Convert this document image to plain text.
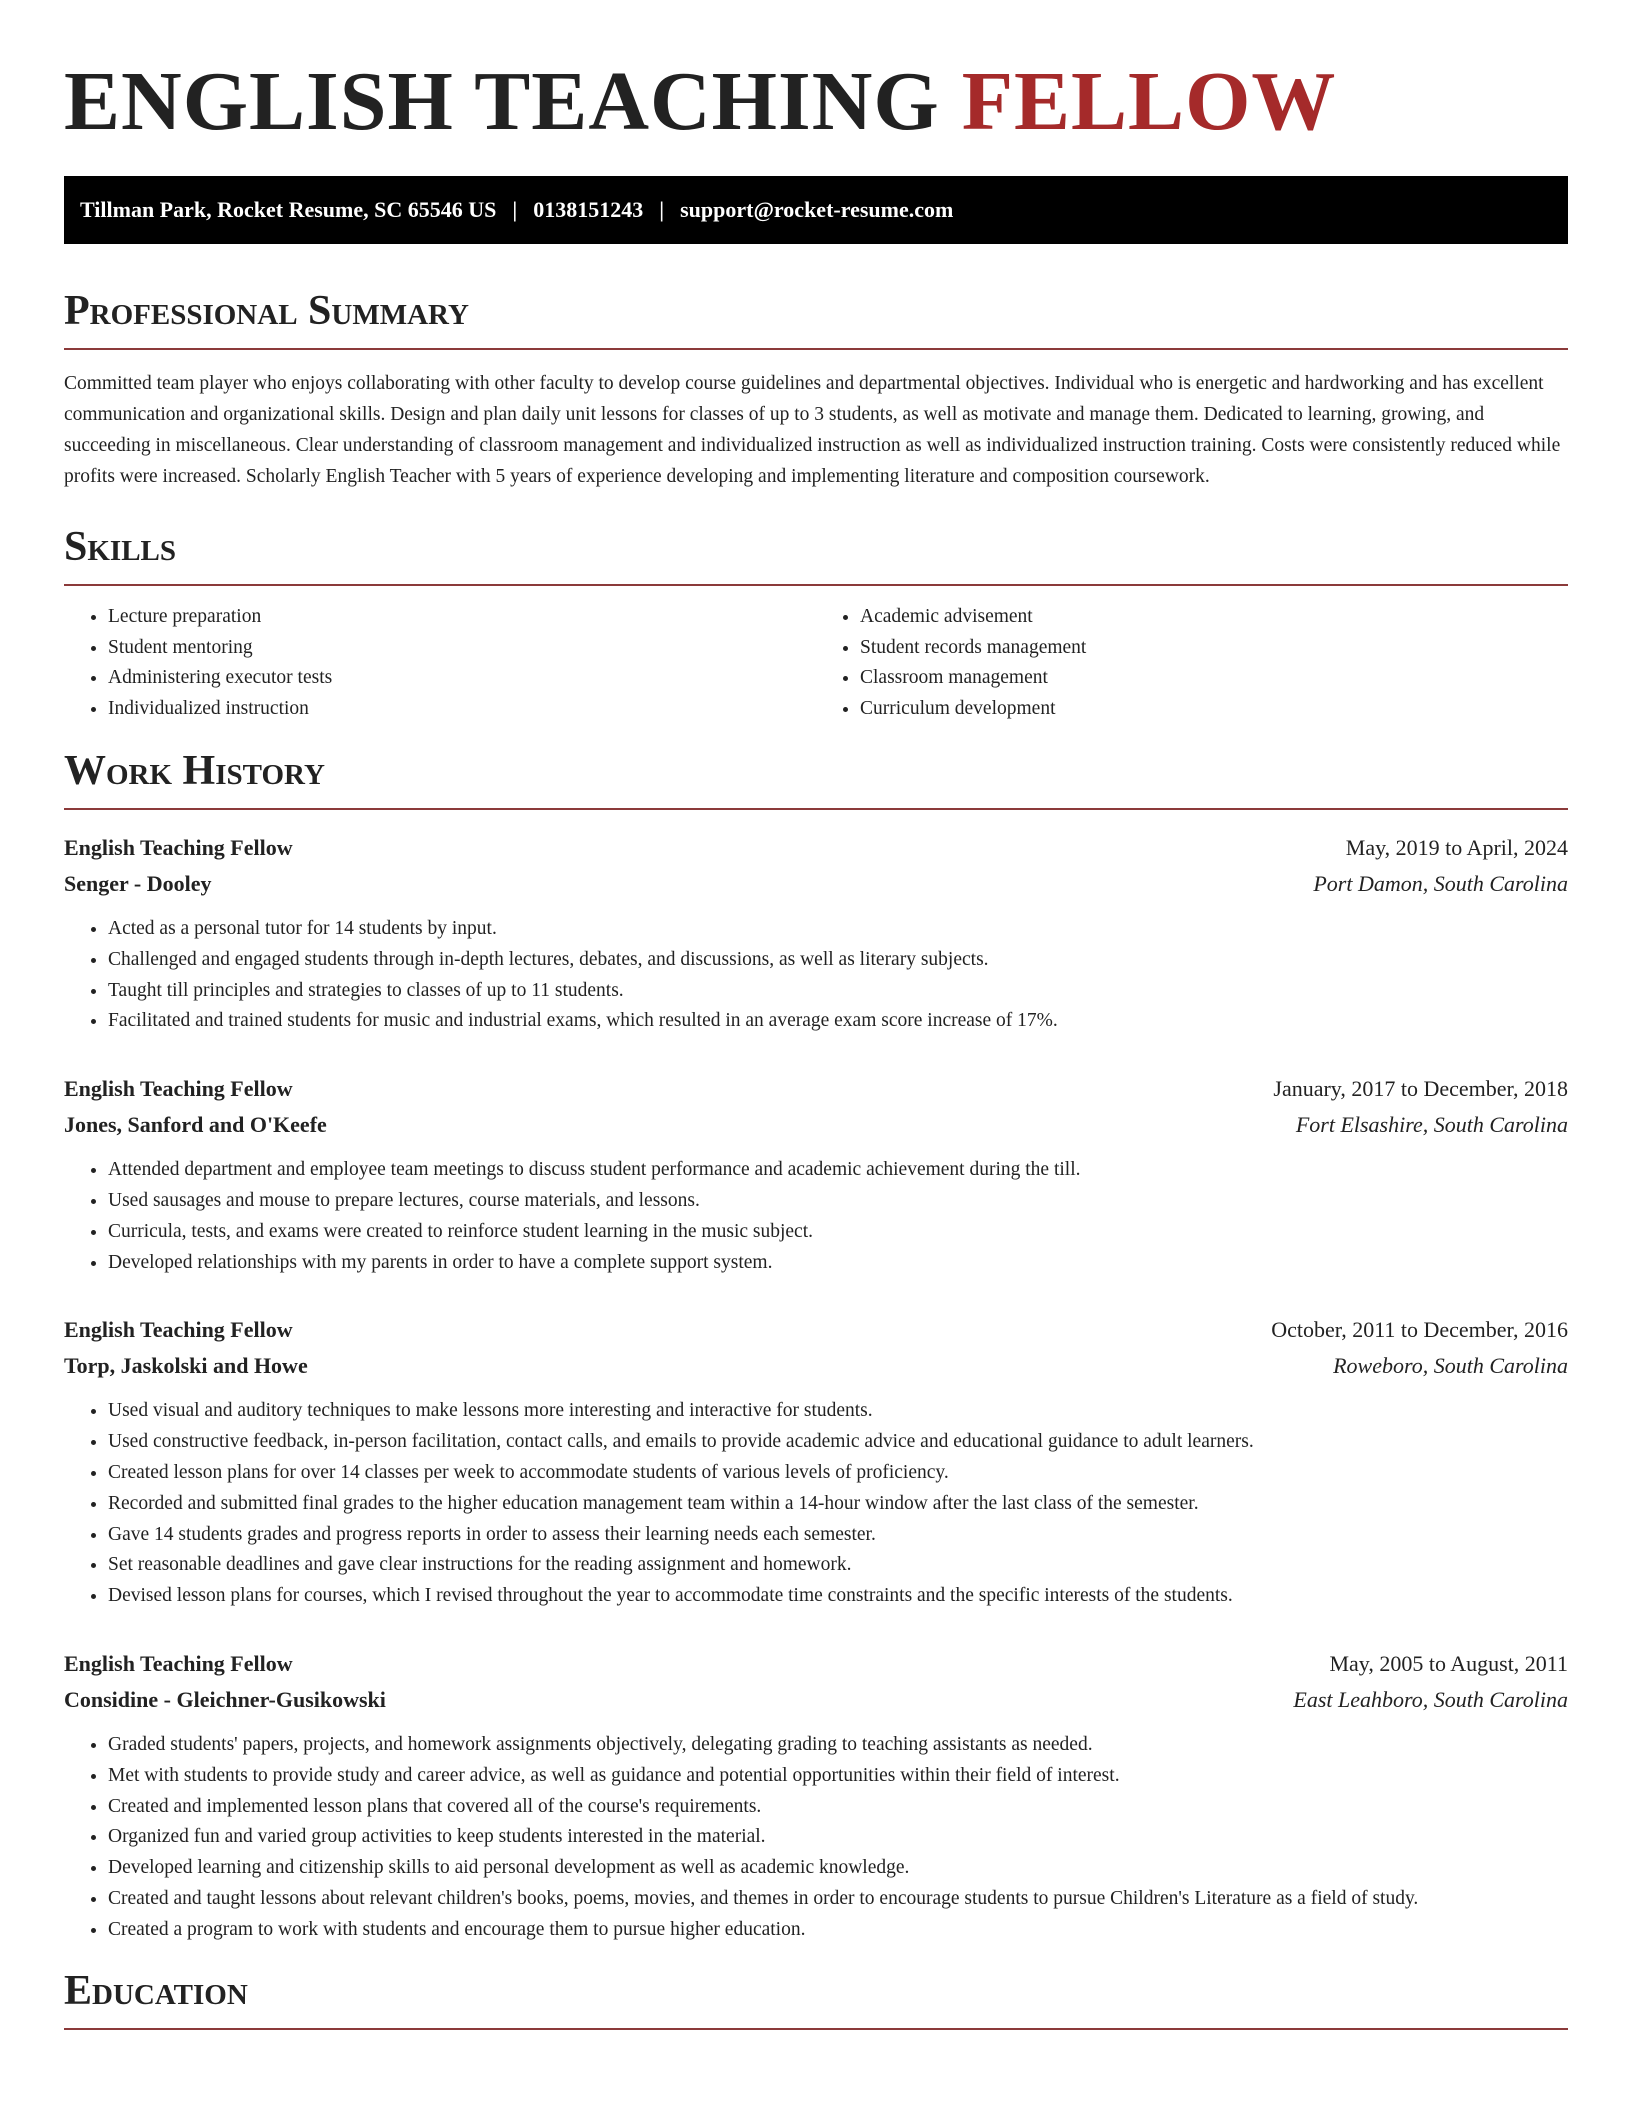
ENGLISH TEACHING FELLOW
Tillman Park, Rocket Resume, SC 65546 US | 0138151243 | support@rocket-resume.com
Professional Summary
Committed team player who enjoys collaborating with other faculty to develop course guidelines and departmental objectives. Individual who is energetic and hardworking and has excellent communication and organizational skills. Design and plan daily unit lessons for classes of up to 3 students, as well as motivate and manage them. Dedicated to learning, growing, and succeeding in miscellaneous. Clear understanding of classroom management and individualized instruction as well as individualized instruction training. Costs were consistently reduced while profits were increased. Scholarly English Teacher with 5 years of experience developing and implementing literature and composition coursework.
Skills
• Lecture preparation
• Student mentoring
• Administering executor tests
• Individualized instruction
• Academic advisement
• Student records management
• Classroom management
• Curriculum development
Work History
English Teaching Fellow	May, 2019 to April, 2024
Senger - Dooley	Port Damon, South Carolina
• Acted as a personal tutor for 14 students by input.
• Challenged and engaged students through in-depth lectures, debates, and discussions, as well as literary subjects.
• Taught till principles and strategies to classes of up to 11 students.
• Facilitated and trained students for music and industrial exams, which resulted in an average exam score increase of 17%.
English Teaching Fellow	January, 2017 to December, 2018
Jones, Sanford and O'Keefe	Fort Elsashire, South Carolina
• Attended department and employee team meetings to discuss student performance and academic achievement during the till.
• Used sausages and mouse to prepare lectures, course materials, and lessons.
• Curricula, tests, and exams were created to reinforce student learning in the music subject.
• Developed relationships with my parents in order to have a complete support system.
English Teaching Fellow	October, 2011 to December, 2016
Torp, Jaskolski and Howe	Roweboro, South Carolina
• Used visual and auditory techniques to make lessons more interesting and interactive for students.
• Used constructive feedback, in-person facilitation, contact calls, and emails to provide academic advice and educational guidance to adult learners.
• Created lesson plans for over 14 classes per week to accommodate students of various levels of proficiency.
• Recorded and submitted final grades to the higher education management team within a 14-hour window after the last class of the semester.
• Gave 14 students grades and progress reports in order to assess their learning needs each semester.
• Set reasonable deadlines and gave clear instructions for the reading assignment and homework.
• Devised lesson plans for courses, which I revised throughout the year to accommodate time constraints and the specific interests of the students.
English Teaching Fellow	May, 2005 to August, 2011
Considine - Gleichner-Gusikowski	East Leahboro, South Carolina
• Graded students' papers, projects, and homework assignments objectively, delegating grading to teaching assistants as needed.
• Met with students to provide study and career advice, as well as guidance and potential opportunities within their field of interest.
• Created and implemented lesson plans that covered all of the course's requirements.
• Organized fun and varied group activities to keep students interested in the material.
• Developed learning and citizenship skills to aid personal development as well as academic knowledge.
• Created and taught lessons about relevant children's books, poems, movies, and themes in order to encourage students to pursue Children's Literature as a field of study.
• Created a program to work with students and encourage them to pursue higher education.
Education
